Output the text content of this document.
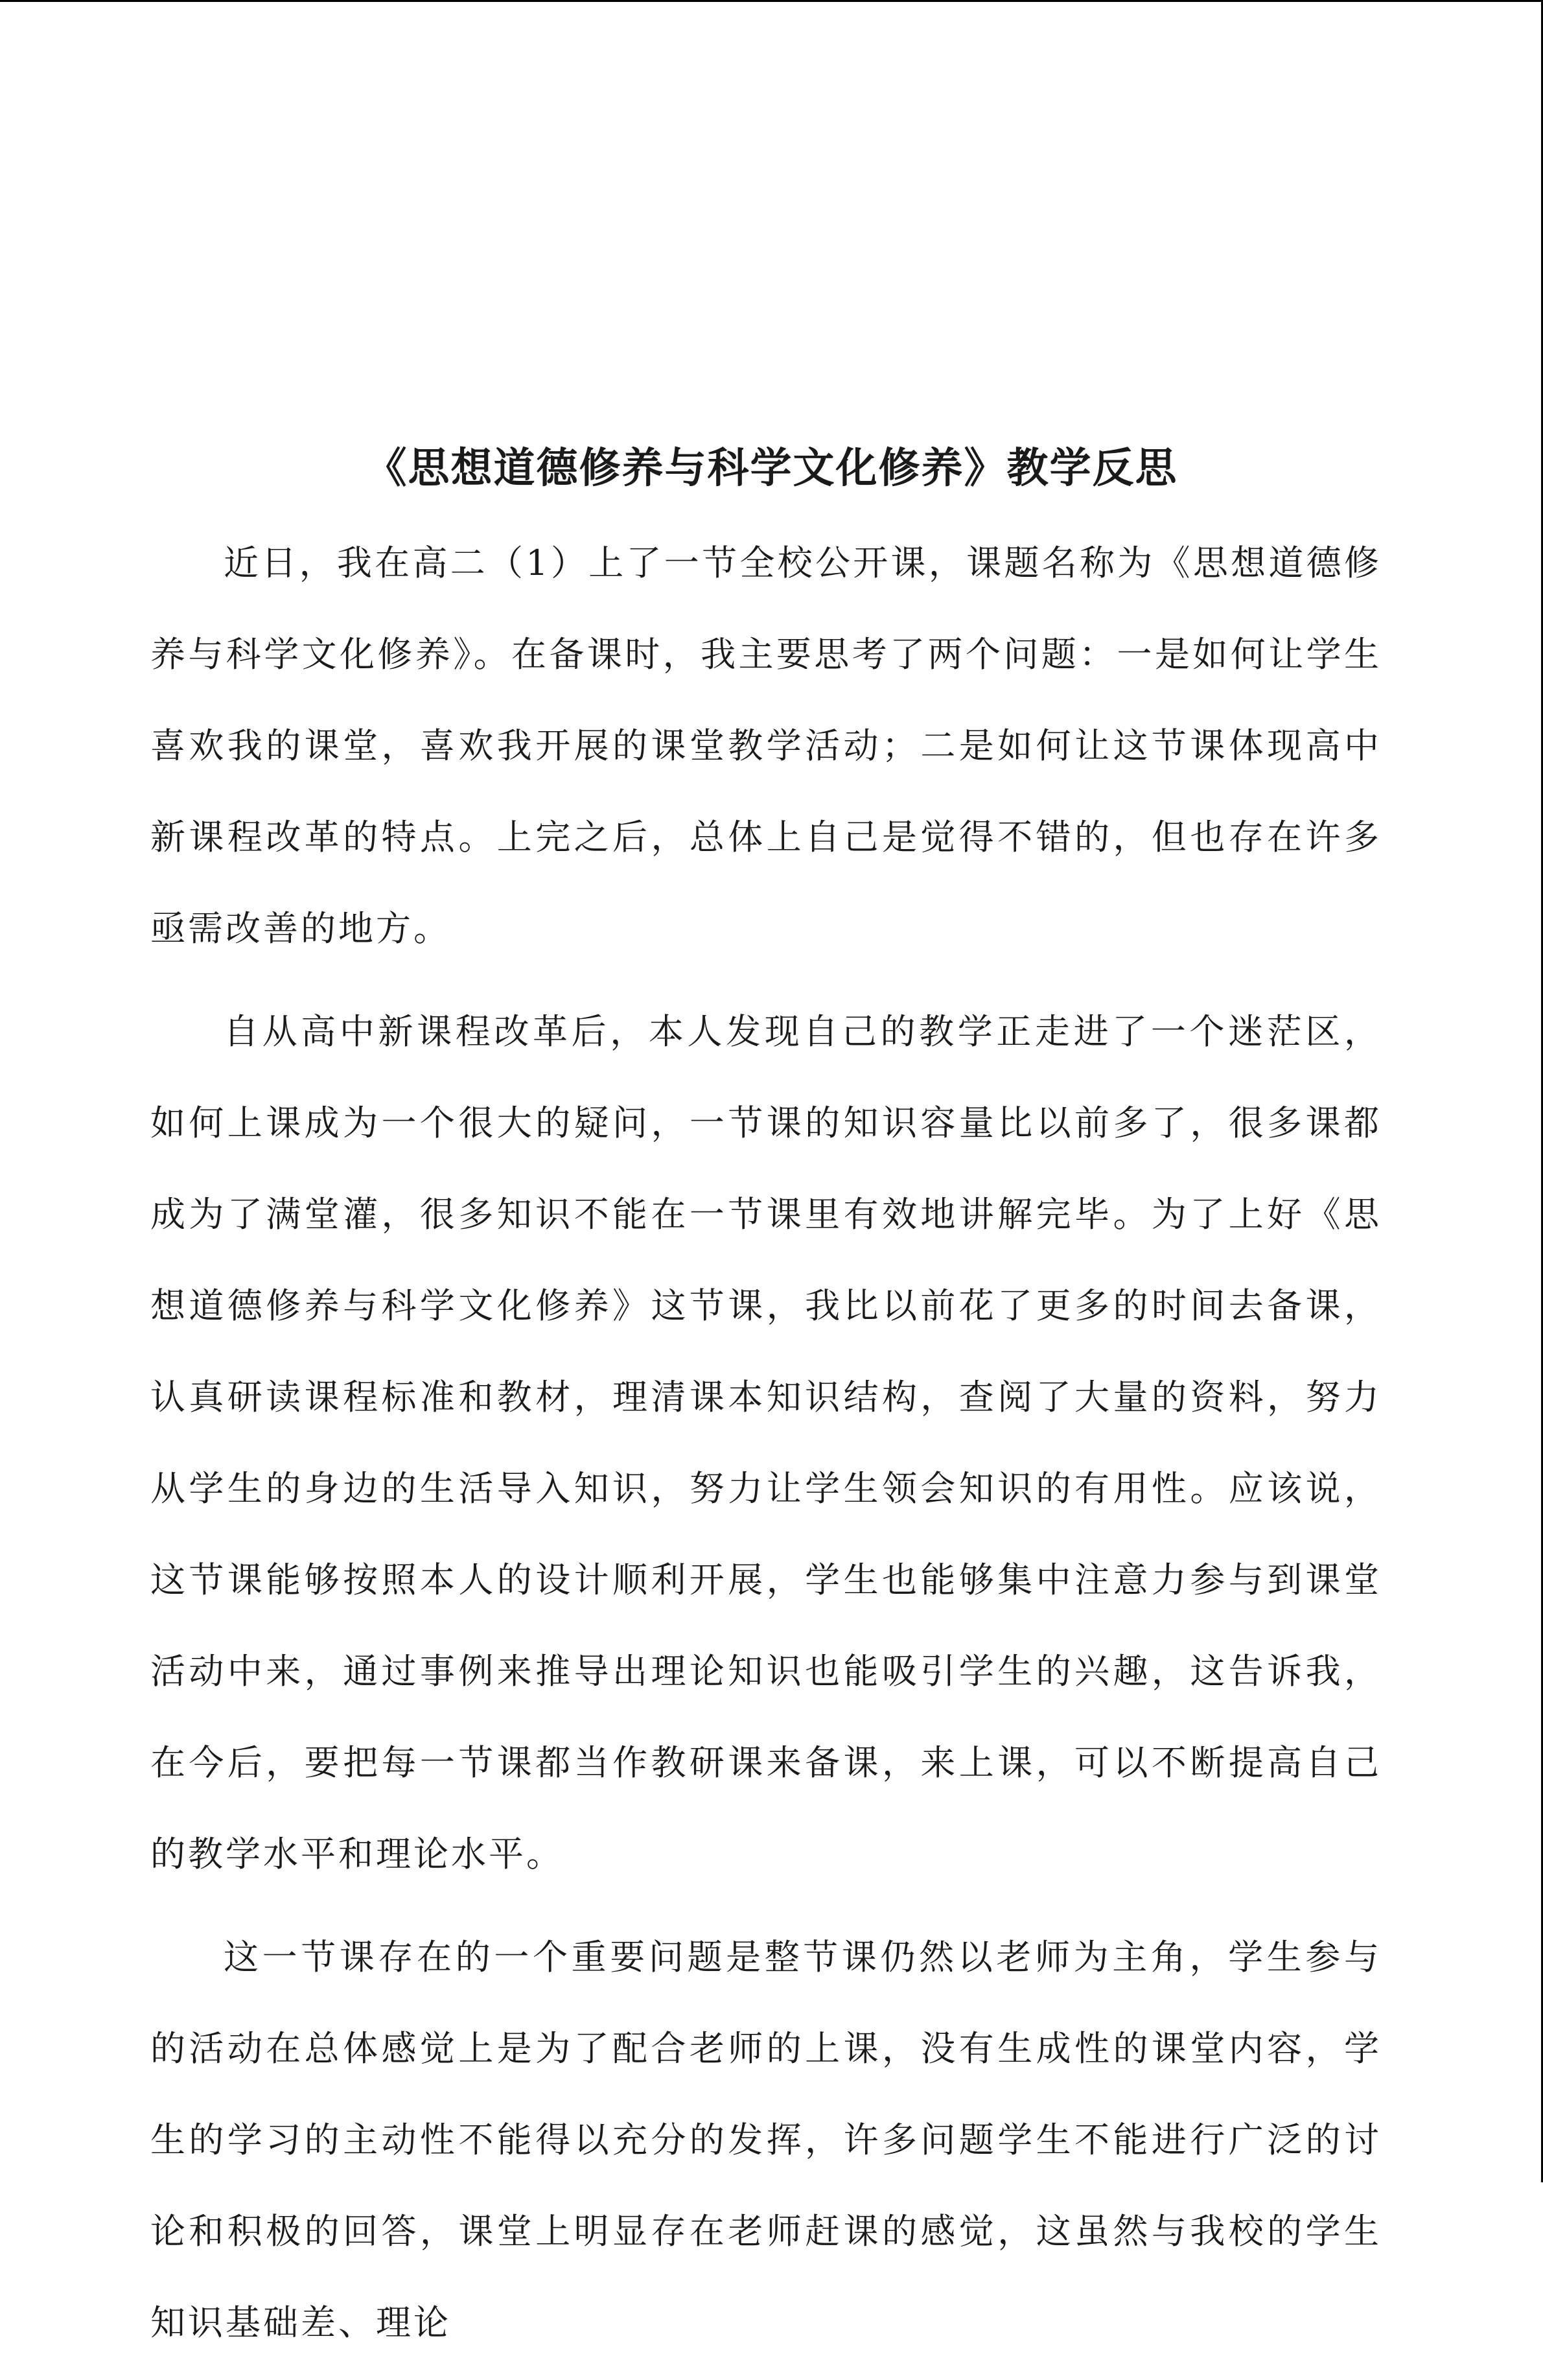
《思想道德修养与科学文化修养》教学反思

近日，我在高二（1）上了一节全校公开课，课题名称为《思想道德修养与科学文化修养》。在备课时，我主要思考了两个问题：一是如何让学生喜欢我的课堂，喜欢我开展的课堂教学活动；二是如何让这节课体现高中新课程改革的特点。上完之后，总体上自己是觉得不错的，但也存在许多亟需改善的地方。

自从高中新课程改革后，本人发现自己的教学正走进了一个迷茫区，如何上课成为一个很大的疑问，一节课的知识容量比以前多了，很多课都成为了满堂灌，很多知识不能在一节课里有效地讲解完毕。为了上好《思想道德修养与科学文化修养》这节课，我比以前花了更多的时间去备课，认真研读课程标准和教材，理清课本知识结构，查阅了大量的资料，努力从学生的身边的生活导入知识，努力让学生领会知识的有用性。应该说，这节课能够按照本人的设计顺利开展，学生也能够集中注意力参与到课堂活动中来，通过事例来推导出理论知识也能吸引学生的兴趣，这告诉我，在今后，要把每一节课都当作教研课来备课，来上课，可以不断提高自己的教学水平和理论水平。

这一节课存在的一个重要问题是整节课仍然以老师为主角，学生参与的活动在总体感觉上是为了配合老师的上课，没有生成性的课堂内容，学生的学习的主动性不能得以充分的发挥，许多问题学生不能进行广泛的讨论和积极的回答，课堂上明显存在老师赶课的感觉，这虽然与我校的学生知识基础差、理论
